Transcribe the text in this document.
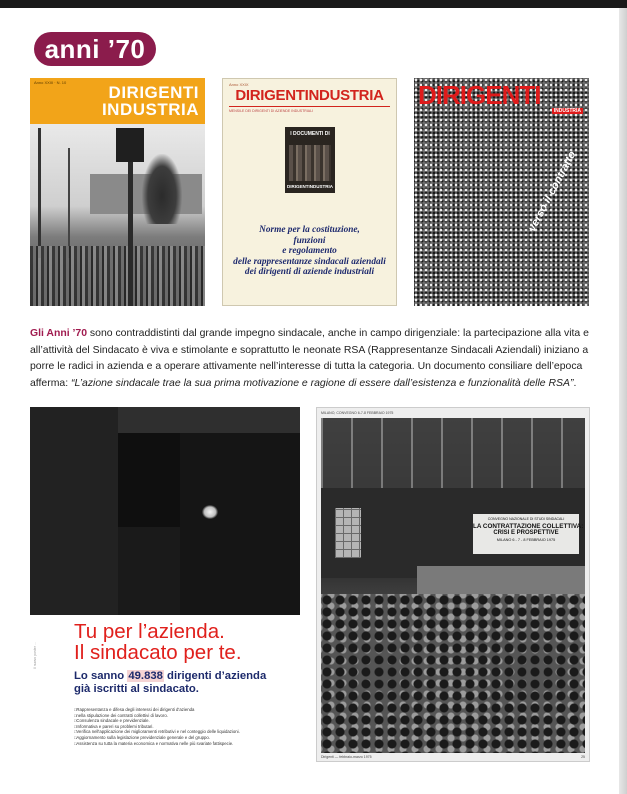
anni ’70
Anno XXIII · N. 10
DIRIGENTI
INDUSTRIA
Anno XXIX
DIRIGENTINDUSTRIA
MENSILE DEI DIRIGENTI DI AZIENDE INDUSTRIALI
I DOCUMENTI DI
DIRIGENTINDUSTRIA
Norme per la costituzione,
funzioni
e regolamento
delle rappresentanze sindacali aziendali
dei dirigenti di aziende industriali
DIRIGENTI
INDUSTRIA
verso il contratto
Gli Anni ’70 sono contraddistinti dal grande impegno sindacale, anche in campo dirigenziale: la partecipazione alla vita e all’attività del Sindacato è viva e stimolante e soprattutto le neonate RSA (Rappresentanze Sindacali Aziendali) iniziano a porre le radici in azienda e a operare attivamente nell’interesse di tutta la categoria. Un documento consiliare dell’epoca afferma: “L’azione sindacale trae la sua prima motivazione e ragione di essere dall’esistenza e funzionalità delle RSA”.
Il nuovo poster ...
Tu per l’azienda.
Il sindacato per te.
Lo sanno 49.838 dirigenti d’azienda
già iscritti al sindacato.
□ Rappresentanza e difesa degli interessi dei dirigenti d’azienda
□ nella stipulazione dei contratti collettivi di lavoro.
□ Consulenza sindacale e previdenziale.
□ Informativa e pareri su problemi tributari.
□ Verifica nell’applicazione dei miglioramenti retributivi e nel conteggio delle liquidazioni.
□ Aggiornamento sulla legislazione previdenziale generale e del gruppo.
□ Assistenza su tutta la materia economica e normativa nelle più svariate fattispecie.
MILANO, CONVEGNO 6-7-8 FEBBRAIO 1975
CONVEGNO NAZIONALE DI STUDI SINDACALI
LA CONTRATTAZIONE COLLETTIVA:
CRISI E PROSPETTIVE
MILANO 6 - 7 - 8 FEBBRAIO 1975
Dirigenti — febbraio-marzo 1975	25
